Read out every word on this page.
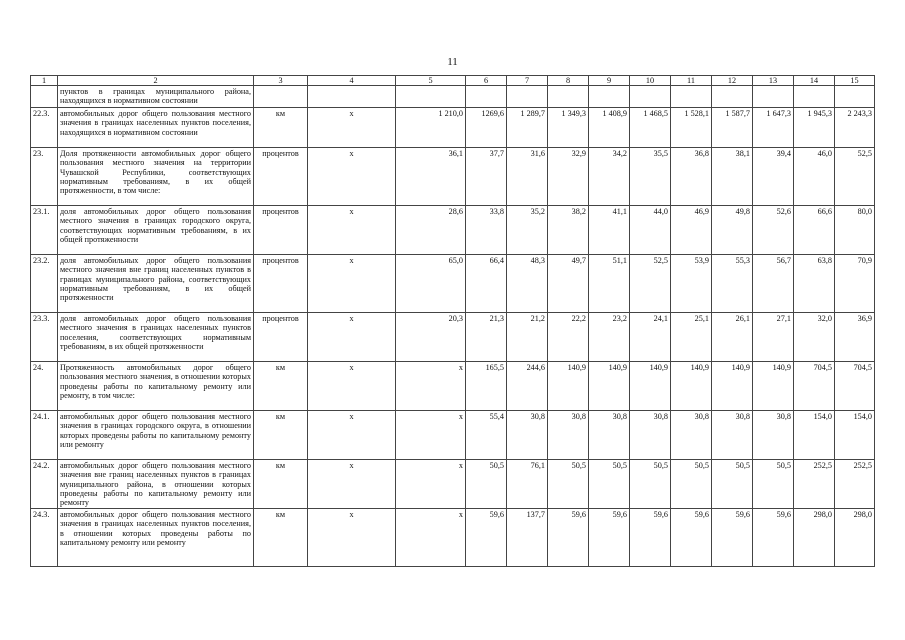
11
1	2	3	4	5	6	7	8	9	10	11	12	13	14	15
	пунктов в границах муниципального района, находящихся в нормативном состоянии													
22.3.	автомобильных дорог общего пользования местного значения в границах населенных пунктов поселения, находящихся в нормативном состоянии	км	х	1 210,0	1269,6	1 289,7	1 349,3	1 408,9	1 468,5	1 528,1	1 587,7	1 647,3	1 945,3	2 243,3
23.	Доля протяженности автомобильных дорог общего пользования местного значения на территории Чувашской Республики, соответствующих нормативным требованиям, в их общей протяженности, в том числе:	процентов	х	36,1	37,7	31,6	32,9	34,2	35,5	36,8	38,1	39,4	46,0	52,5
23.1.	доля автомобильных дорог общего пользования местного значения в границах городского округа, соответствующих нормативным требованиям, в их общей протяженности	процентов	х	28,6	33,8	35,2	38,2	41,1	44,0	46,9	49,8	52,6	66,6	80,0
23.2.	доля автомобильных дорог общего пользования местного значения вне границ населенных пунктов в границах муниципального района, соответствующих нормативным требованиям, в их общей протяженности	процентов	х	65,0	66,4	48,3	49,7	51,1	52,5	53,9	55,3	56,7	63,8	70,9
23.3.	доля автомобильных дорог общего пользования местного значения в границах населенных пунктов поселения, соответствующих нормативным требованиям, в их общей протяженности	процентов	х	20,3	21,3	21,2	22,2	23,2	24,1	25,1	26,1	27,1	32,0	36,9
24.	Протяженность автомобильных дорог общего пользования местного значения, в отношении которых проведены работы по капитальному ремонту или ремонту, в том числе:	км	х	х	165,5	244,6	140,9	140,9	140,9	140,9	140,9	140,9	704,5	704,5
24.1.	автомобильных дорог общего пользования местного значения в границах городского округа, в отношении которых проведены работы по капитальному ремонту или ремонту	км	х	х	55,4	30,8	30,8	30,8	30,8	30,8	30,8	30,8	154,0	154,0
24.2.	автомобильных дорог общего пользования местного значения вне границ населенных пунктов в границах муниципального района, в отношении которых проведены работы по капитальному ремонту или ремонту	км	х	х	50,5	76,1	50,5	50,5	50,5	50,5	50,5	50,5	252,5	252,5
24.3.	автомобильных дорог общего пользования местного значения в границах населенных пунктов поселения, в отношении которых проведены работы по капитальному ремонту или ремонту	км	х	х	59,6	137,7	59,6	59,6	59,6	59,6	59,6	59,6	298,0	298,0
